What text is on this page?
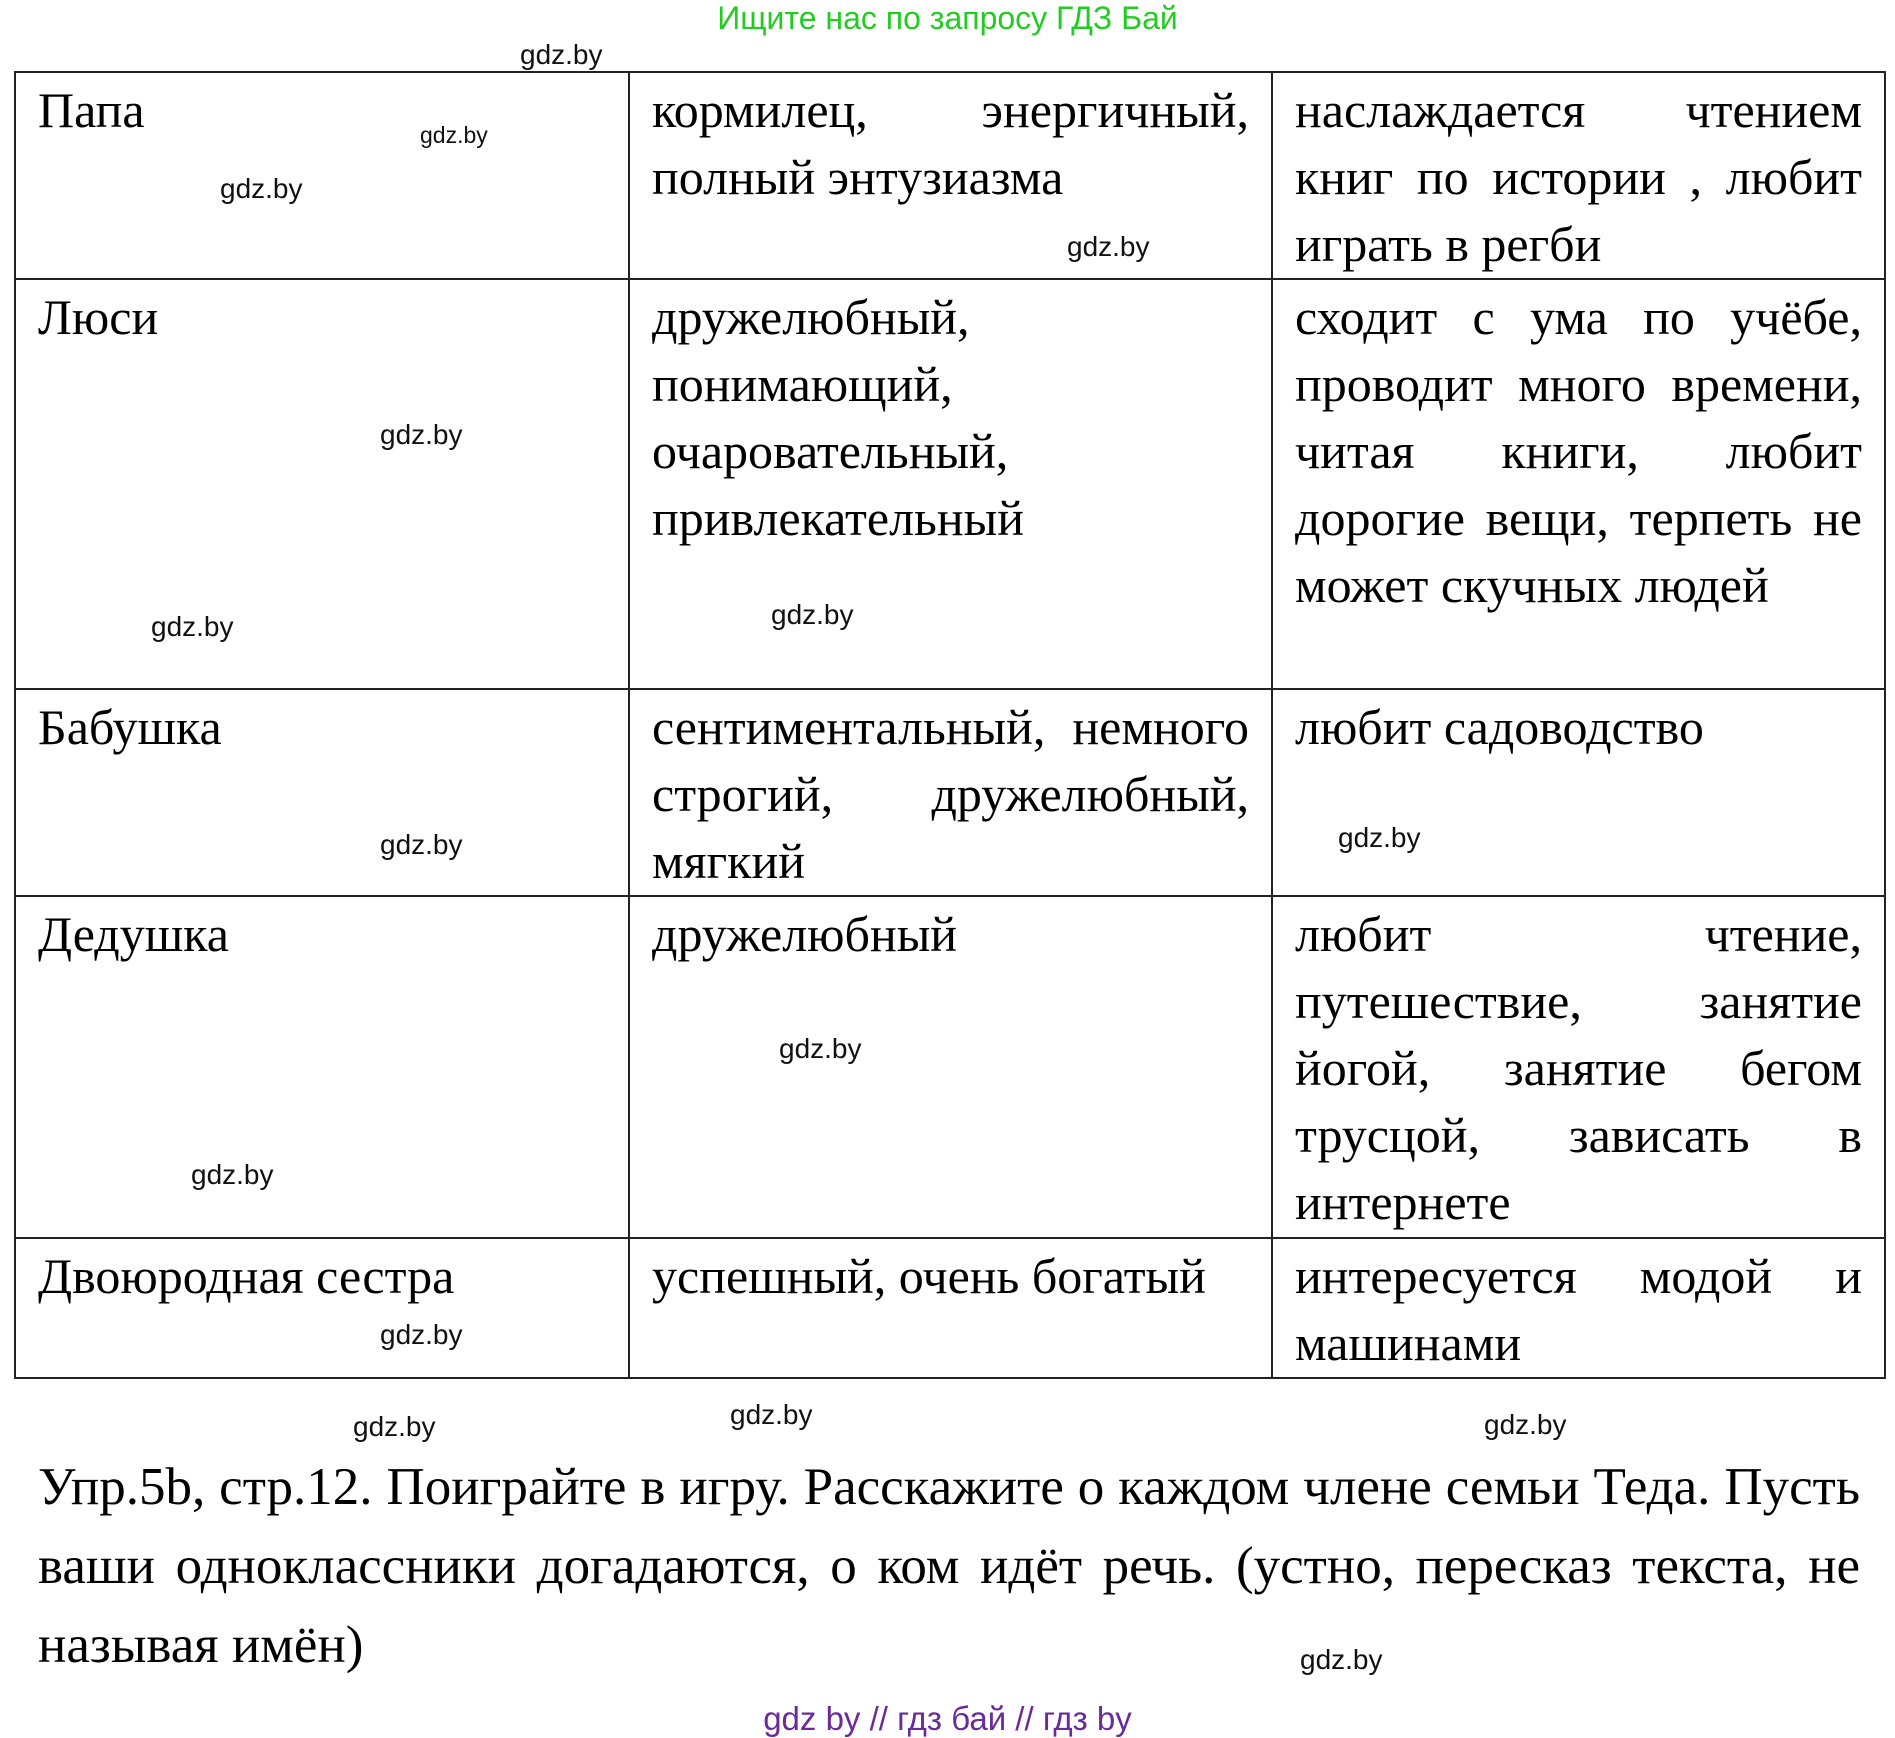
Ищите нас по запросу ГДЗ Бай
Папа	кормилец, энергичный, полный энтузиазма	наслаждается чтением книг по истории , любит играть в регби
Люси	дружелюбный, понимающий, очаровательный, привлекательный	сходит с ума по учёбе, проводит много времени, читая книги, любит дорогие вещи, терпеть не может скучных людей
Бабушка	сентиментальный, немного строгий, дружелюбный, мягкий	любит садоводство
Дедушка	дружелюбный	любит чтение, путешествие, занятие йогой, занятие бегом трусцой, зависать в интернете
Двоюродная сестра	успешный, очень богатый	интересуется модой и машинами
Упр.5b, стр.12. Поиграйте в игру. Расскажите о каждом члене семьи Теда. Пусть ваши одноклассники догадаются, о ком идёт речь. (устно, пересказ текста, не называя имён)
gdz.by
gdz.by
gdz.by
gdz.by
gdz.by
gdz.by
gdz.by
gdz.by
gdz.by
gdz.by
gdz.by
gdz.by
gdz.by
gdz.by	gdz.by
gdz.by
gdz by // гдз бай // гдз by
